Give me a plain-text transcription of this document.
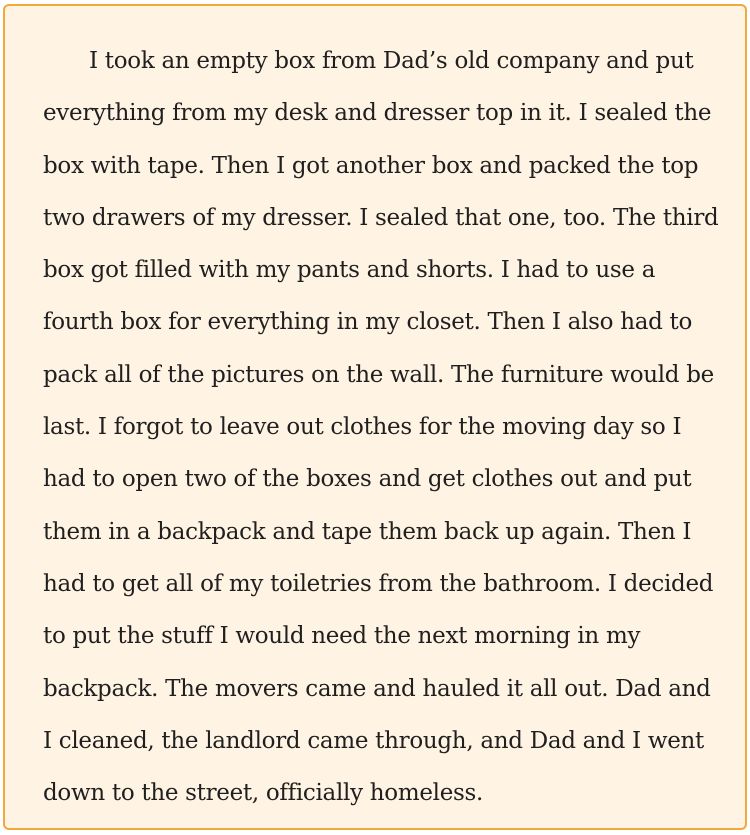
I took an empty box from Dad’s old company and put everything from my desk and dresser top in it. I sealed the box with tape. Then I got another box and packed the top two drawers of my dresser. I sealed that one, too. The third box got filled with my pants and shorts. I had to use a fourth box for everything in my closet. Then I also had to pack all of the pictures on the wall. The furniture would be last. I forgot to leave out clothes for the moving day so I had to open two of the boxes and get clothes out and put them in a backpack and tape them back up again. Then I had to get all of my toiletries from the bathroom. I decided to put the stuff I would need the next morning in my backpack. The movers came and hauled it all out. Dad and I cleaned, the landlord came through, and Dad and I went down to the street, officially homeless.
